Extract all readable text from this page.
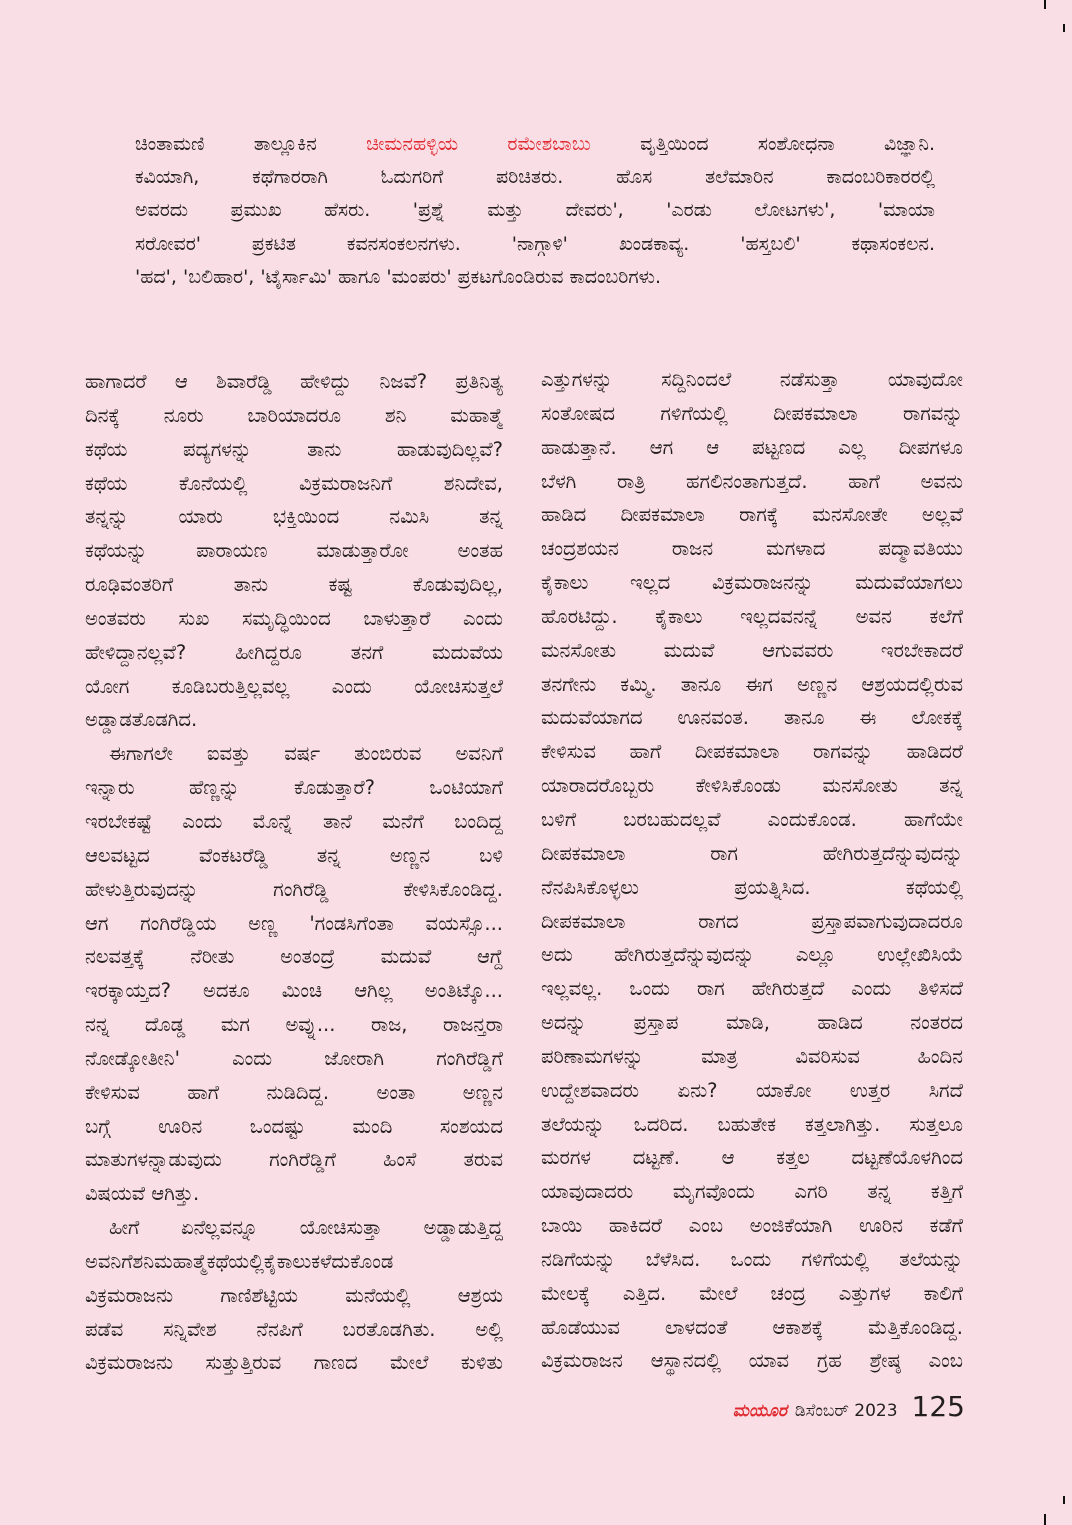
ಚಿಂತಾಮಣಿ ತಾಲ್ಲೂಕಿನ	ಚೀಮನಹಳ್ಳಿಯ ರಮೇಶಬಾಬು	ವೃತ್ತಿಯಿಂದ ಸಂಶೋಧನಾ ವಿಜ್ಞಾನಿ.
ಕವಿಯಾಗಿ, ಕಥೆಗಾರರಾಗಿ ಓದುಗರಿಗೆ ಪರಿಚಿತರು. ಹೊಸ ತಲೆಮಾರಿನ ಕಾದಂಬರಿಕಾರರಲ್ಲಿ
ಅವರದು ಪ್ರಮುಖ ಹೆಸರು. 'ಪ್ರಶ್ನೆ ಮತ್ತು ದೇವರು', 'ಎರಡು ಲೋಟಗಳು', 'ಮಾಯಾ
ಸರೋವರ' ಪ್ರಕಟಿತ ಕವನಸಂಕಲನಗಳು. 'ನಾಗ್ಗಾಳಿ' ಖಂಡಕಾವ್ಯ. 'ಹಸ್ತಬಲಿ' ಕಥಾಸಂಕಲನ.
'ಹದ', 'ಬಲಿಹಾರ', 'ಟೈರ್ಸಾಮಿ' ಹಾಗೂ 'ಮಂಪರು' ಪ್ರಕಟಗೊಂಡಿರುವ ಕಾದಂಬರಿಗಳು.
ಹಾಗಾದರೆ ಆ ಶಿವಾರೆಡ್ಡಿ ಹೇಳಿದ್ದು ನಿಜವೆ? ಪ್ರತಿನಿತ್ಯ
ದಿನಕ್ಕೆ ನೂರು ಬಾರಿಯಾದರೂ ಶನಿ ಮಹಾತ್ಮೆ
ಕಥೆಯ ಪದ್ಯಗಳನ್ನು ತಾನು ಹಾಡುವುದಿಲ್ಲವೆ?
ಕಥೆಯ ಕೊನೆಯಲ್ಲಿ ವಿಕ್ರಮರಾಜನಿಗೆ ಶನಿದೇವ,
ತನ್ನನ್ನು ಯಾರು ಭಕ್ತಿಯಿಂದ ನಮಿಸಿ ತನ್ನ
ಕಥೆಯನ್ನು ಪಾರಾಯಣ ಮಾಡುತ್ತಾರೋ ಅಂತಹ
ರೂಢಿವಂತರಿಗೆ ತಾನು ಕಷ್ಟ ಕೊಡುವುದಿಲ್ಲ,
ಅಂತವರು ಸುಖ ಸಮೃದ್ಧಿಯಿಂದ ಬಾಳುತ್ತಾರೆ ಎಂದು
ಹೇಳಿದ್ದಾನಲ್ಲವೆ? ಹೀಗಿದ್ದರೂ ತನಗೆ ಮದುವೆಯ
ಯೋಗ ಕೂಡಿಬರುತ್ತಿಲ್ಲವಲ್ಲ ಎಂದು ಯೋಚಿಸುತ್ತಲೆ
ಅಡ್ಡಾಡತೊಡಗಿದ.
ಈಗಾಗಲೇ ಐವತ್ತು ವರ್ಷ ತುಂಬಿರುವ ಅವನಿಗೆ
ಇನ್ನಾರು ಹೆಣ್ಣನ್ನು ಕೊಡುತ್ತಾರೆ? ಒಂಟಿಯಾಗೆ
ಇರಬೇಕಷ್ಟೆ ಎಂದು ಮೊನ್ನೆ ತಾನೆ ಮನೆಗೆ ಬಂದಿದ್ದ
ಆಲವಟ್ಟದ ವೆಂಕಟರೆಡ್ಡಿ ತನ್ನ ಅಣ್ಣನ ಬಳಿ
ಹೇಳುತ್ತಿರುವುದನ್ನು ಗಂಗಿರೆಡ್ಡಿ ಕೇಳಿಸಿಕೊಂಡಿದ್ದ.
ಆಗ ಗಂಗಿರೆಡ್ಡಿಯ ಅಣ್ಣ 'ಗಂಡಸಿಗೆಂತಾ ವಯಸ್ಸೊ...
ನಲವತ್ತಕ್ಕೆ ನೆರೀತು ಅಂತಂದ್ರೆ ಮದುವೆ ಆಗ್ದೆ
ಇರಕ್ಕಾಯ್ತದ? ಅದಕೂ ಮಿಂಚಿ ಆಗಿಲ್ಲ ಅಂತಿಟ್ಕೊ...
ನನ್ನ ದೊಡ್ಡ ಮಗ ಅವ್ನು... ರಾಜ, ರಾಜನ್ತರಾ
ನೋಡ್ಕೋತೀನಿ' ಎಂದು ಜೋರಾಗಿ ಗಂಗಿರೆಡ್ಡಿಗೆ
ಕೇಳಿಸುವ ಹಾಗೆ ನುಡಿದಿದ್ದ. ಅಂತಾ ಅಣ್ಣನ
ಬಗ್ಗೆ ಊರಿನ ಒಂದಷ್ಟು ಮಂದಿ ಸಂಶಯದ
ಮಾತುಗಳನ್ನಾಡುವುದು ಗಂಗಿರೆಡ್ಡಿಗೆ ಹಿಂಸೆ ತರುವ
ವಿಷಯವೆ ಆಗಿತ್ತು.
ಹೀಗೆ ಏನೆಲ್ಲವನ್ನೂ ಯೋಚಿಸುತ್ತಾ ಅಡ್ಡಾಡುತ್ತಿದ್ದ
ಅವನಿಗೆಶನಿಮಹಾತ್ಮೆಕಥೆಯಲ್ಲಿಕೈಕಾಲುಕಳೆದುಕೊಂಡ
ವಿಕ್ರಮರಾಜನು ಗಾಣಿಶೆಟ್ಟಿಯ ಮನೆಯಲ್ಲಿ ಆಶ್ರಯ
ಪಡೆವ ಸನ್ನಿವೇಶ ನೆನಪಿಗೆ ಬರತೊಡಗಿತು. ಅಲ್ಲಿ
ವಿಕ್ರಮರಾಜನು ಸುತ್ತುತ್ತಿರುವ ಗಾಣದ ಮೇಲೆ ಕುಳಿತು
ಎತ್ತುಗಳನ್ನು ಸದ್ದಿನಿಂದಲೆ ನಡೆಸುತ್ತಾ ಯಾವುದೋ
ಸಂತೋಷದ ಗಳಿಗೆಯಲ್ಲಿ ದೀಪಕಮಾಲಾ ರಾಗವನ್ನು
ಹಾಡುತ್ತಾನೆ. ಆಗ ಆ ಪಟ್ಟಣದ ಎಲ್ಲ ದೀಪಗಳೂ
ಬೆಳಗಿ ರಾತ್ರಿ ಹಗಲಿನಂತಾಗುತ್ತದೆ. ಹಾಗೆ ಅವನು
ಹಾಡಿದ ದೀಪಕಮಾಲಾ ರಾಗಕ್ಕೆ ಮನಸೋತೇ ಅಲ್ಲವೆ
ಚಂದ್ರಶಯನ ರಾಜನ ಮಗಳಾದ ಪದ್ಮಾವತಿಯು
ಕೈಕಾಲು ಇಲ್ಲದ ವಿಕ್ರಮರಾಜನನ್ನು ಮದುವೆಯಾಗಲು
ಹೊರಟಿದ್ದು. ಕೈಕಾಲು ಇಲ್ಲದವನನ್ನೆ ಅವನ ಕಲೆಗೆ
ಮನಸೋತು ಮದುವೆ ಆಗುವವರು ಇರಬೇಕಾದರೆ
ತನಗೇನು ಕಮ್ಮಿ. ತಾನೂ ಈಗ ಅಣ್ಣನ ಆಶ್ರಯದಲ್ಲಿರುವ
ಮದುವೆಯಾಗದ ಊನವಂತ. ತಾನೂ ಈ ಲೋಕಕ್ಕೆ
ಕೇಳಿಸುವ ಹಾಗೆ ದೀಪಕಮಾಲಾ ರಾಗವನ್ನು ಹಾಡಿದರೆ
ಯಾರಾದರೊಬ್ಬರು ಕೇಳಿಸಿಕೊಂಡು ಮನಸೋತು ತನ್ನ
ಬಳಿಗೆ ಬರಬಹುದಲ್ಲವೆ ಎಂದುಕೊಂಡ. ಹಾಗೆಯೇ
ದೀಪಕಮಾಲಾ ರಾಗ ಹೇಗಿರುತ್ತದೆನ್ನುವುದನ್ನು
ನೆನಪಿಸಿಕೊಳ್ಳಲು ಪ್ರಯತ್ನಿಸಿದ. ಕಥೆಯಲ್ಲಿ
ದೀಪಕಮಾಲಾ ರಾಗದ ಪ್ರಸ್ತಾಪವಾಗುವುದಾದರೂ
ಅದು ಹೇಗಿರುತ್ತದೆನ್ನುವುದನ್ನು ಎಲ್ಲೂ ಉಲ್ಲೇಖಿಸಿಯೆ
ಇಲ್ಲವಲ್ಲ. ಒಂದು ರಾಗ ಹೇಗಿರುತ್ತದೆ ಎಂದು ತಿಳಿಸದೆ
ಅದನ್ನು ಪ್ರಸ್ತಾಪ ಮಾಡಿ, ಹಾಡಿದ ನಂತರದ
ಪರಿಣಾಮಗಳನ್ನು ಮಾತ್ರ ವಿವರಿಸುವ ಹಿಂದಿನ
ಉದ್ದೇಶವಾದರು ಏನು? ಯಾಕೋ ಉತ್ತರ ಸಿಗದೆ
ತಲೆಯನ್ನು ಒದರಿದ. ಬಹುತೇಕ ಕತ್ತಲಾಗಿತ್ತು. ಸುತ್ತಲೂ
ಮರಗಳ ದಟ್ಟಣೆ. ಆ ಕತ್ತಲ ದಟ್ಟಣೆಯೊಳಗಿಂದ
ಯಾವುದಾದರು ಮೃಗವೊಂದು ಎಗರಿ ತನ್ನ ಕತ್ತಿಗೆ
ಬಾಯಿ ಹಾಕಿದರೆ ಎಂಬ ಅಂಜಿಕೆಯಾಗಿ ಊರಿನ ಕಡೆಗೆ
ನಡಿಗೆಯನ್ನು ಬೆಳೆಸಿದ. ಒಂದು ಗಳಿಗೆಯಲ್ಲಿ ತಲೆಯನ್ನು
ಮೇಲಕ್ಕೆ ಎತ್ತಿದ. ಮೇಲೆ ಚಂದ್ರ ಎತ್ತುಗಳ ಕಾಲಿಗೆ
ಹೊಡೆಯುವ ಲಾಳದಂತೆ ಆಕಾಶಕ್ಕೆ ಮೆತ್ತಿಕೊಂಡಿದ್ದ.
ವಿಕ್ರಮರಾಜನ ಆಸ್ಥಾನದಲ್ಲಿ ಯಾವ ಗ್ರಹ ಶ್ರೇಷ್ಠ ಎಂಬ
ಮಯೂರ ಡಿಸೆಂಬರ್ 2023 125
